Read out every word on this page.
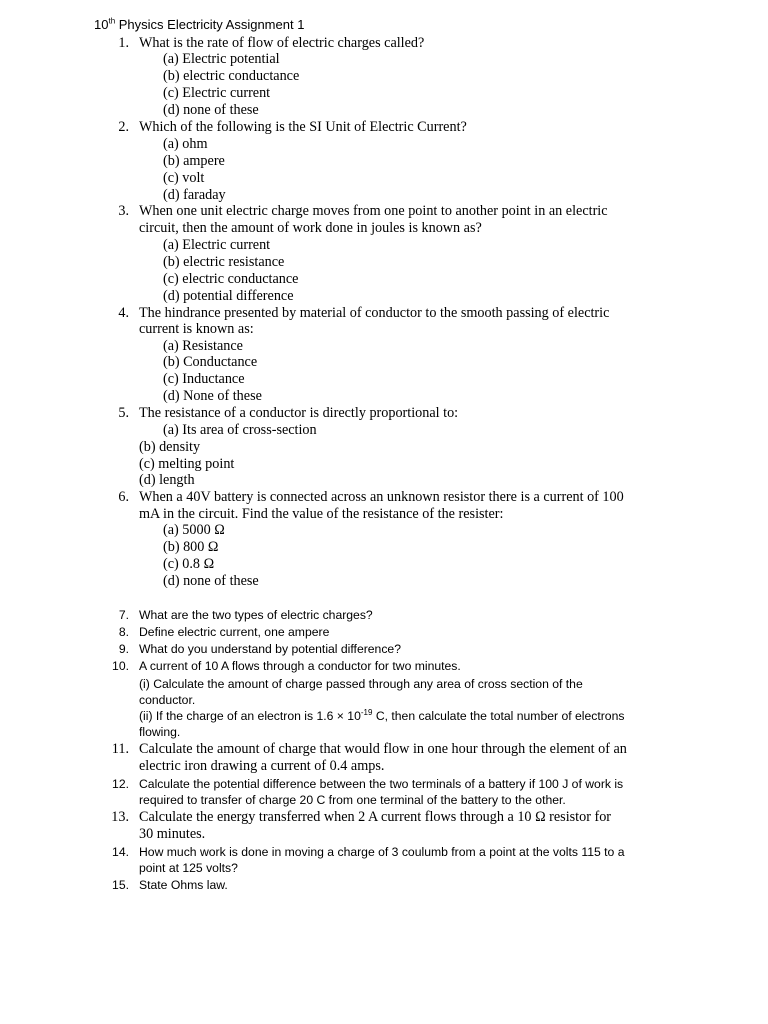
10th Physics Electricity Assignment 1
1. What is the rate of flow of electric charges called?
(a) Electric potential
(b) electric conductance
(c) Electric current
(d) none of these
2. Which of the following is the SI Unit of Electric Current?
(a) ohm
(b) ampere
(c) volt
(d) faraday
3. When one unit electric charge moves from one point to another point in an electric
circuit, then the amount of work done in joules is known as?
(a) Electric current
(b) electric resistance
(c) electric conductance
(d) potential difference
4. The hindrance presented by material of conductor to the smooth passing of electric
current is known as:
(a) Resistance
(b) Conductance
(c) Inductance
(d) None of these
5. The resistance of a conductor is directly proportional to:
(a) Its area of cross-section
(b) density
(c) melting point
(d) length
6. When a 40V battery is connected across an unknown resistor there is a current of 100
mA in the circuit. Find the value of the resistance of the resister:
(a) 5000 Ω
(b) 800 Ω
(c) 0.8 Ω
(d) none of these
7. What are the two types of electric charges?
8. Define electric current, one ampere
9. What do you understand by potential difference?
10. A current of 10 A flows through a conductor for two minutes.
(i) Calculate the amount of charge passed through any area of cross section of the
conductor.
(ii) If the charge of an electron is $1.6 \times 10^{-19}$ C, then calculate the total number of electrons
flowing.
11. Calculate the amount of charge that would flow in one hour through the element of an
electric iron drawing a current of 0.4 amps.
12. Calculate the potential difference between the two terminals of a battery if 100 J of work is
required to transfer of charge 20 C from one terminal of the battery to the other.
13. Calculate the energy transferred when 2 A current flows through a 10 Ω resistor for
30 minutes.
14. How much work is done in moving a charge of 3 coulumb from a point at the volts 115 to a
point at 125 volts?
15. State Ohms law.
